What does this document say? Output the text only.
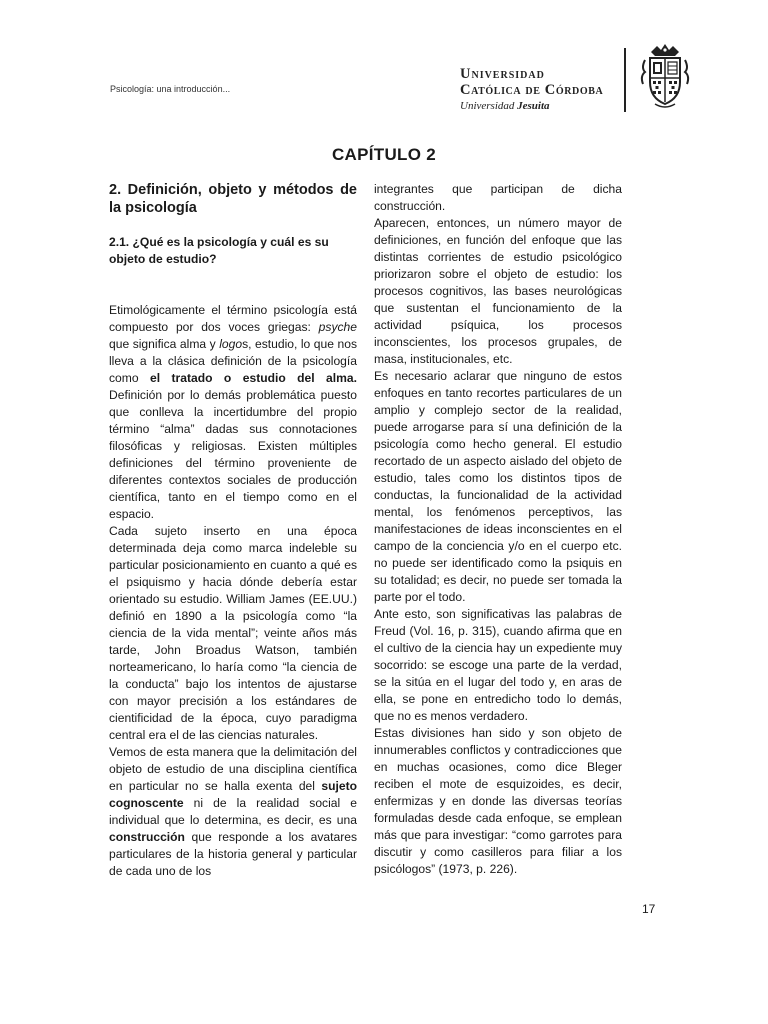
Psicología: una introducción...
Universidad
Católica de Córdoba
Universidad Jesuita
CAPÍTULO 2
2. Definición, objeto y métodos de la psicología
2.1. ¿Qué es la psicología y cuál es su objeto de estudio?

Etimológicamente el término psicología está compuesto por dos voces griegas: psyche que significa alma y logos, estudio, lo que nos lleva a la clásica definición de la psicología como el tratado o estudio del alma. Definición por lo demás problemática puesto que conlleva la incertidumbre del propio término “alma” dadas sus connotaciones filosóficas y religiosas. Existen múltiples definiciones del término proveniente de diferentes contextos sociales de producción científica, tanto en el tiempo como en el espacio.

Cada sujeto inserto en una época determinada deja como marca indeleble su particular posicionamiento en cuanto a qué es el psiquismo y hacia dónde debería estar orientado su estudio. William James (EE.UU.) definió en 1890 a la psicología como “la ciencia de la vida mental”; veinte años más tarde, John Broadus Watson, también norteamericano, lo haría como “la ciencia de la conducta” bajo los intentos de ajustarse con mayor precisión a los estándares de cientificidad de la época, cuyo paradigma central era el de las ciencias naturales.

Vemos de esta manera que la delimitación del objeto de estudio de una disciplina científica en particular no se halla exenta del sujeto cognoscente ni de la realidad social e individual que lo determina, es decir, es una construcción que responde a los avatares particulares de la historia general y particular de cada uno de los

integrantes que participan de dicha construcción.

Aparecen, entonces, un número mayor de definiciones, en función del enfoque que las distintas corrientes de estudio psicológico priorizaron sobre el objeto de estudio: los procesos cognitivos, las bases neurológicas que sustentan el funcionamiento de la actividad psíquica, los procesos inconscientes, los procesos grupales, de masa, institucionales, etc.

Es necesario aclarar que ninguno de estos enfoques en tanto recortes particulares de un amplio y complejo sector de la realidad, puede arrogarse para sí una definición de la psicología como hecho general. El estudio recortado de un aspecto aislado del objeto de estudio, tales como los distintos tipos de conductas, la funcionalidad de la actividad mental, los fenómenos perceptivos, las manifestaciones de ideas inconscientes en el campo de la conciencia y/o en el cuerpo etc. no puede ser identificado como la psiquis en su totalidad; es decir, no puede ser tomada la parte por el todo.

Ante esto, son significativas las palabras de Freud (Vol. 16, p. 315), cuando afirma que en el cultivo de la ciencia hay un expediente muy socorrido: se escoge una parte de la verdad, se la sitúa en el lugar del todo y, en aras de ella, se pone en entredicho todo lo demás, que no es menos verdadero.

Estas divisiones han sido y son objeto de innumerables conflictos y contradicciones que en muchas ocasiones, como dice Bleger reciben el mote de esquizoides, es decir, enfermizas y en donde las diversas teorías formuladas desde cada enfoque, se emplean más que para investigar: “como garrotes para discutir y como casilleros para filiar a los psicólogos” (1973, p. 226).

17
